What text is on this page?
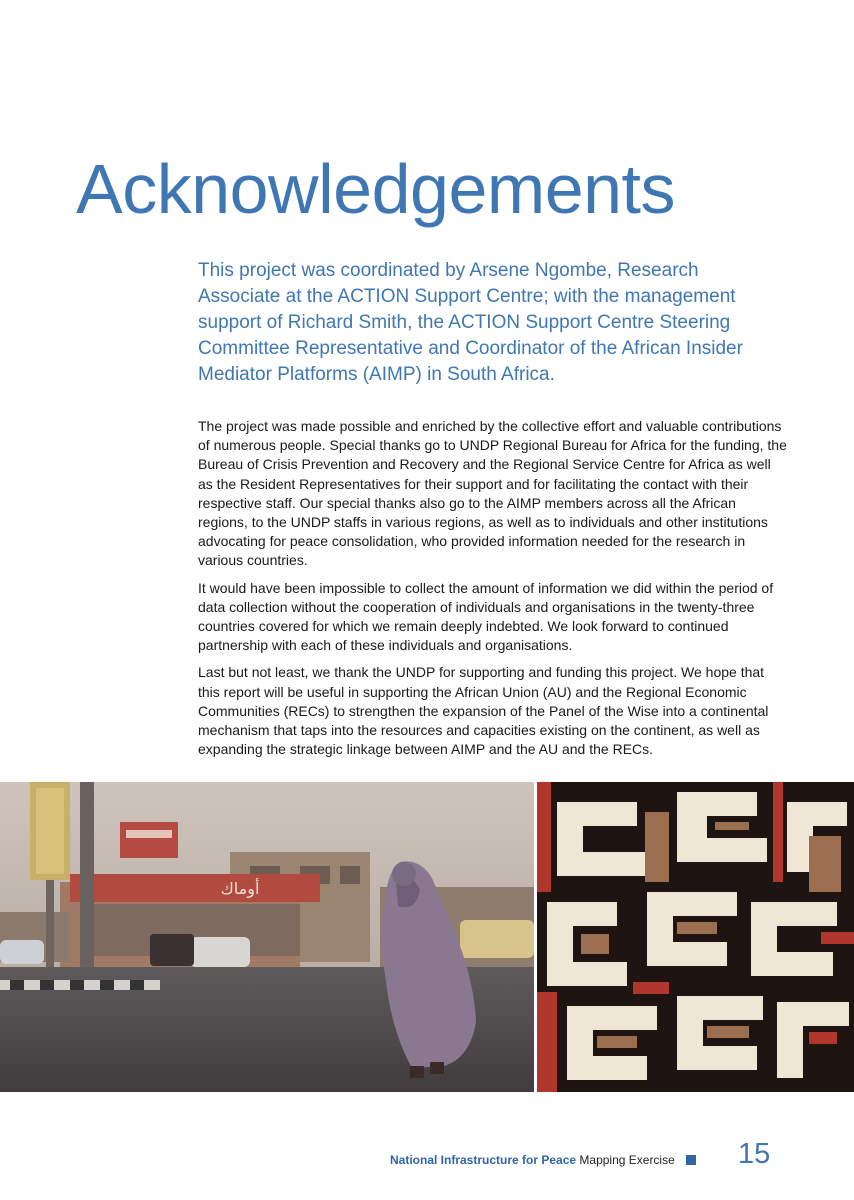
Acknowledgements

This project was coordinated by Arsene Ngombe, Research Associate at the ACTION Support Centre; with the management support of Richard Smith, the ACTION Support Centre Steering Committee Representative and Coordinator of the African Insider Mediator Platforms (AIMP) in South Africa.

The project was made possible and enriched by the collective effort and valuable contributions of numerous people. Special thanks go to UNDP Regional Bureau for Africa for the funding, the Bureau of Crisis Prevention and Recovery and the Regional Service Centre for Africa as well as the Resident Representatives for their support and for facilitating the contact with their respective staff. Our special thanks also go to the AIMP members across all the African regions, to the UNDP staffs in various regions, as well as to individuals and other institutions advocating for peace consolidation, who provided information needed for the research in various countries.

It would have been impossible to collect the amount of information we did within the period of data collection without the cooperation of individuals and organisations in the twenty-three countries covered for which we remain deeply indebted. We look forward to continued partnership with each of these individuals and organisations.

Last but not least, we thank the UNDP for supporting and funding this project. We hope that this report will be useful in supporting the African Union (AU) and the Regional Economic Communities (RECs) to strengthen the expansion of the Panel of the Wise into a continental mechanism that taps into the resources and capacities existing on the continent, as well as expanding the strategic linkage between AIMP and the AU and the RECs.

أوماك
National Infrastructure for Peace Mapping Exercise 15
